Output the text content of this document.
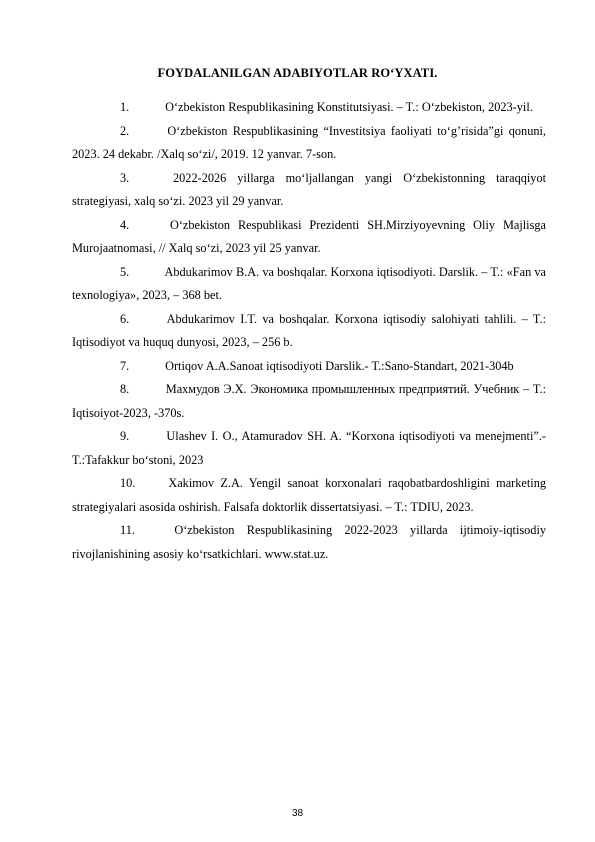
FOYDALANILGAN ADABIYOTLAR RO‘YXATI.
1.	O‘zbekiston Respublikasining Konstitutsiyasi. – T.: O‘zbekiston, 2023-yil.
2.	O‘zbekiston Respublikasining “Investitsiya faoliyati to‘g’risida”gi qonuni, 2023. 24 dekabr. /Xalq so‘zi/, 2019. 12 yanvar. 7-son.
3.	2022-2026 yillarga mo‘ljallangan yangi O‘zbekistonning taraqqiyot strategiyasi, xalq so‘zi. 2023 yil 29 yanvar.
4.	O‘zbekiston Respublikasi Prezidenti SH.Mirziyoyevning Oliy Majlisga Murojaatnomasi, // Xalq so‘zi, 2023 yil 25 yanvar.
5.	Abdukarimov B.A. va boshqalar. Korxona iqtisodiyoti. Darslik. – T.: «Fan va texnologiya», 2023, – 368 bet.
6.	Abdukarimov I.T. va boshqalar. Korxona iqtisodiy salohiyati tahlili. – T.: Iqtisodiyot va huquq dunyosi, 2023, – 256 b.
7.	Ortiqov A.A.Sanoat iqtisodiyoti Darslik.- T.:Sano-Standart, 2021-304b
8.	Махмудов Э.Х. Экономика промышленных предприятий. Учебник – T.: Iqtisoiyot-2023, -370s.
9.	Ulashev I. O., Atamuradov SH. A. “Korxona iqtisodiyoti va menejmenti”.-T.:Tafakkur bo‘stoni, 2023
10.	Xakimov Z.A. Yengil sanoat korxonalari raqobatbardoshligini marketing strategiyalari asosida oshirish. Falsafa doktorlik dissertatsiyasi. – T.: TDIU, 2023.
11.	O‘zbekiston Respublikasining 2022-2023 yillarda ijtimoiy-iqtisodiy rivojlanishining asosiy ko‘rsatkichlari. www.stat.uz.
38
